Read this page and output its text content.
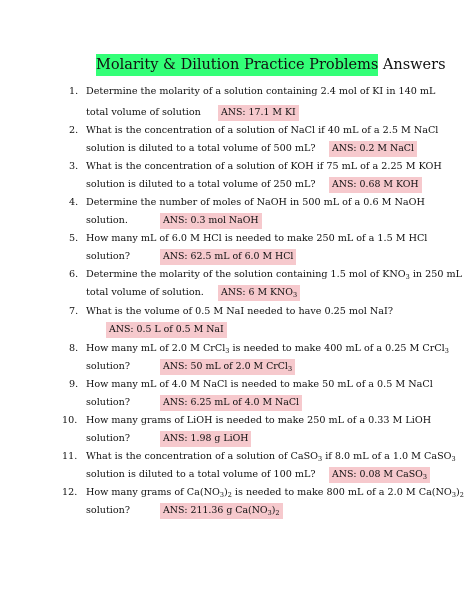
Molarity & Dilution Practice Problems Answers
1. Determine the molarity of a solution containing 2.4 mol of KI in 140 mL
total volume of solution	ANS: 17.1 M KI
2. What is the concentration of a solution of NaCl if 40 mL of a 2.5 M NaCl
solution is diluted to a total volume of 500 mL?	ANS: 0.2 M NaCl
3. What is the concentration of a solution of KOH if 75 mL of a 2.25 M KOH
solution is diluted to a total volume of 250 mL?	ANS: 0.68 M KOH
4. Determine the number of moles of NaOH in 500 mL of a 0.6 M NaOH
solution.	ANS: 0.3 mol NaOH
5. How many mL of 6.0 M HCl is needed to make 250 mL of a 1.5 M HCl
solution?	ANS: 62.5 mL of 6.0 M HCl
6. Determine the molarity of the solution containing 1.5 mol of $KNO_3$ in 250 mL
total volume of solution.	ANS: 6 M $KNO_3$
7. What is the volume of 0.5 M NaI needed to have 0.25 mol NaI?
ANS: 0.5 L of 0.5 M NaI
8. How many mL of 2.0 M CrCl$_3$ is needed to make 400 mL of a 0.25 M CrCl$_3$
solution?	ANS: 50 mL of 2.0 M CrCl$_3$
9. How many mL of 4.0 M NaCl is needed to make 50 mL of a 0.5 M NaCl
solution?	ANS: 6.25 mL of 4.0 M NaCl
10. How many grams of LiOH is needed to make 250 mL of a 0.33 M LiOH
solution?	ANS: 1.98 g LiOH
11. What is the concentration of a solution of CaSO$_3$ if 8.0 mL of a 1.0 M CaSO$_3$
solution is diluted to a total volume of 100 mL?	ANS: 0.08 M CaSO$_3$
12. How many grams of $Ca(NO_3)_2$ is needed to make 800 mL of a 2.0 M $Ca(NO_3)_2$
solution?	ANS: 211.36 g $Ca(NO_3)_2$
